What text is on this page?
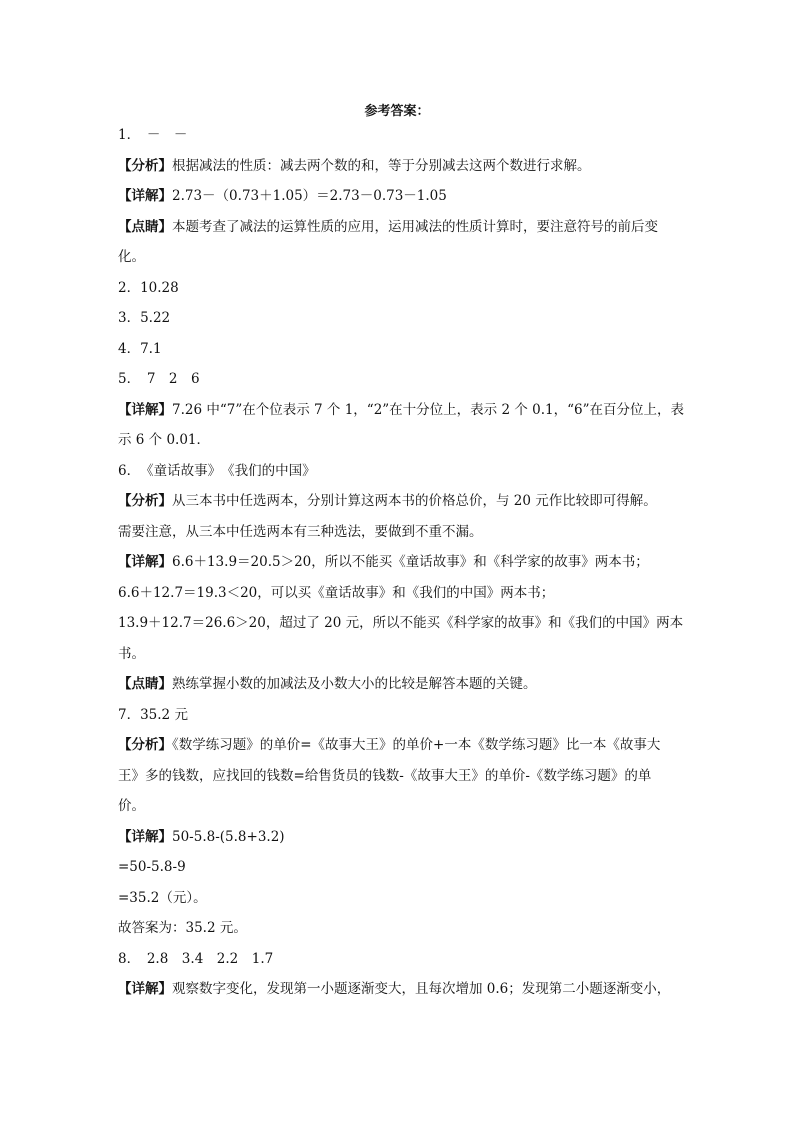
参考答案：
1．　－　－
【分析】根据减法的性质：减去两个数的和，等于分别减去这两个数进行求解。
【详解】2.73－（0.73＋1.05）＝2.73－0.73－1.05
【点睛】本题考查了减法的运算性质的应用，运用减法的性质计算时，要注意符号的前后变
化。
2．10.28
3．5.22
4．7.1
5．　7　2　6
【详解】7.26 中“7”在个位表示 7 个 1，“2”在十分位上，表示 2 个 0.1，“6”在百分位上，表
示 6 个 0.01．
6．　《童话故事》　《我们的中国》
【分析】从三本书中任选两本，分别计算这两本书的价格总价，与 20 元作比较即可得解。
需要注意，从三本中任选两本有三种选法，要做到不重不漏。
【详解】6.6＋13.9＝20.5＞20，所以不能买《童话故事》和《科学家的故事》两本书；
6.6＋12.7＝19.3＜20，可以买《童话故事》和《我们的中国》两本书；
13.9＋12.7＝26.6＞20，超过了 20 元，所以不能买《科学家的故事》和《我们的中国》两本
书。
【点睛】熟练掌握小数的加减法及小数大小的比较是解答本题的关键。
7．35.2 元
【分析】《数学练习题》的单价=《故事大王》的单价+一本《数学练习题》比一本《故事大
王》多的钱数，应找回的钱数=给售货员的钱数-《故事大王》的单价-《数学练习题》的单
价。
【详解】50-5.8-(5.8+3.2)
=50-5.8-9
=35.2（元）。
故答案为：35.2 元。
8．　2.8　3.4　2.2　1.7
【详解】观察数字变化，发现第一小题逐渐变大，且每次增加 0.6；发现第二小题逐渐变小，
